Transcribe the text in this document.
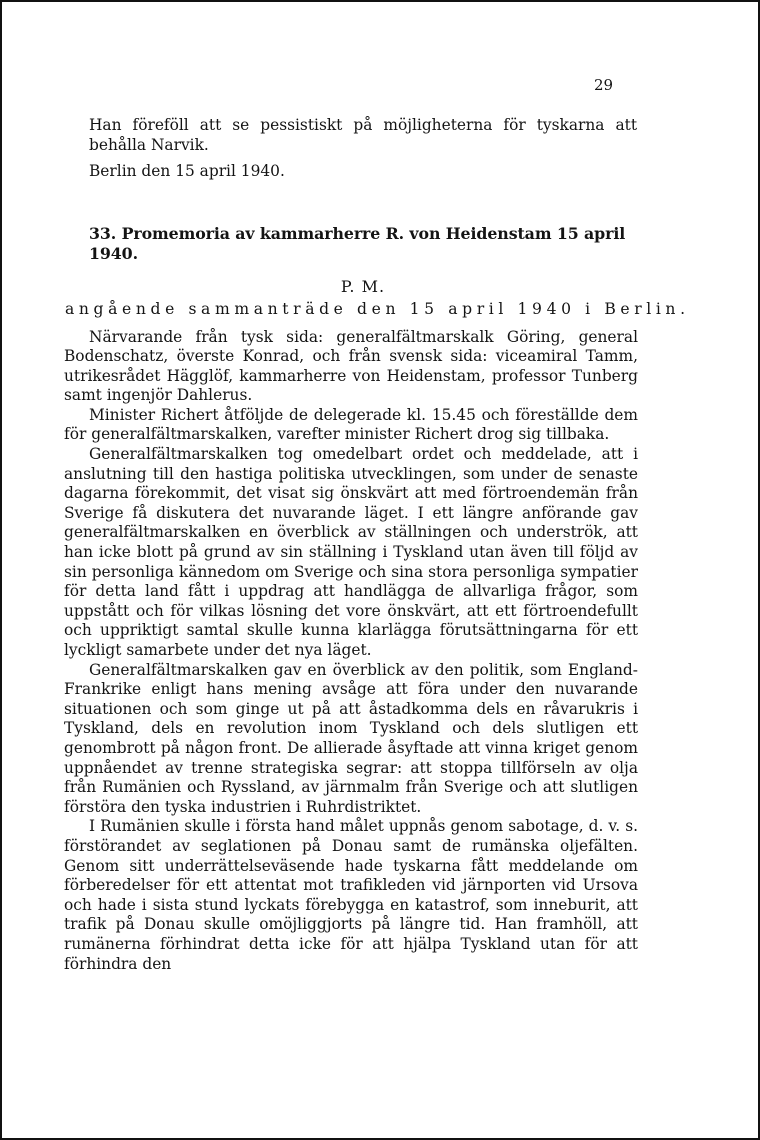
29

Han föreföll att se pessistiskt på möjligheterna för tyskarna att behålla Narvik.

Berlin den 15 april 1940.
33. Promemoria av kammarherre R. von Heidenstam 15 april 1940.
P. M.
angående sammanträde den 15 april 1940 i Berlin.

Närvarande från tysk sida: generalfältmarskalk Göring, general Bodenschatz, överste Konrad, och från svensk sida: viceamiral Tamm, utrikesrådet Hägglöf, kammarherre von Heidenstam, professor Tunberg samt ingenjör Dahlerus.

Minister Richert åtföljde de delegerade kl. 15.45 och föreställde dem för generalfältmarskalken, varefter minister Richert drog sig tillbaka.

Generalfältmarskalken tog omedelbart ordet och meddelade, att i anslutning till den hastiga politiska utvecklingen, som under de senaste dagarna förekommit, det visat sig önskvärt att med förtroendemän från Sverige få diskutera det nuvarande läget. I ett längre anförande gav generalfältmarskalken en överblick av ställningen och underströk, att han icke blott på grund av sin ställning i Tyskland utan även till följd av sin personliga kännedom om Sverige och sina stora personliga sympatier för detta land fått i uppdrag att handlägga de allvarliga frågor, som uppstått och för vilkas lösning det vore önskvärt, att ett förtroendefullt och uppriktigt samtal skulle kunna klarlägga förutsättningarna för ett lyckligt samarbete under det nya läget.

Generalfältmarskalken gav en överblick av den politik, som England-Frankrike enligt hans mening avsåge att föra under den nuvarande situationen och som ginge ut på att åstadkomma dels en råvarukris i Tyskland, dels en revolution inom Tyskland och dels slutligen ett genombrott på någon front. De allierade åsyftade att vinna kriget genom uppnåendet av trenne strategiska segrar: att stoppa tillförseln av olja från Rumänien och Ryssland, av järnmalm från Sverige och att slutligen förstöra den tyska industrien i Ruhrdistriktet.

I Rumänien skulle i första hand målet uppnås genom sabotage, d. v. s. förstörandet av seglationen på Donau samt de rumänska oljefälten. Genom sitt underrättelseväsende hade tyskarna fått meddelande om förberedelser för ett attentat mot trafikleden vid järnporten vid Ursova och hade i sista stund lyckats förebygga en katastrof, som inneburit, att trafik på Donau skulle omöjliggjorts på längre tid. Han framhöll, att rumänerna förhindrat detta icke för att hjälpa Tyskland utan för att förhindra den
